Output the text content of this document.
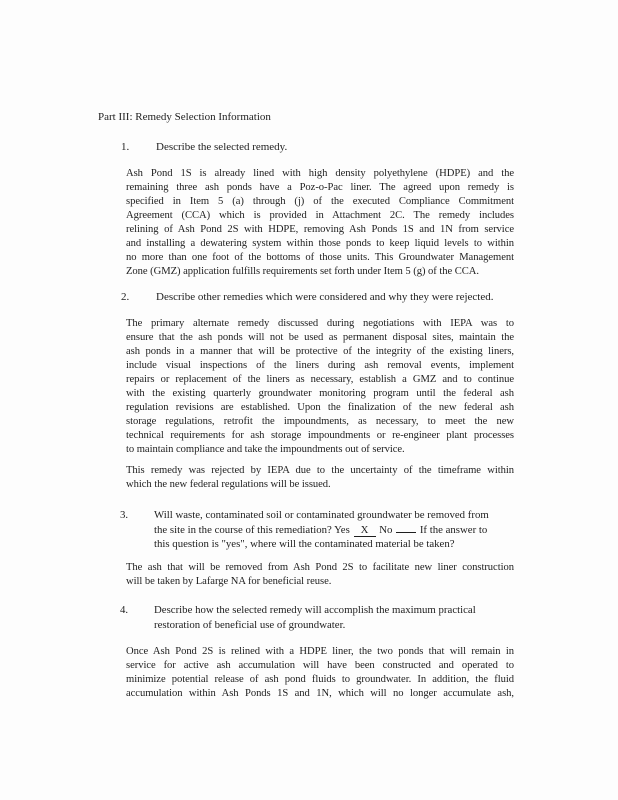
Part III: Remedy Selection Information
1. Describe the selected remedy.
Ash Pond 1S is already lined with high density polyethylene (HDPE) and the
remaining three ash ponds have a Poz-o-Pac liner. The agreed upon remedy is
specified in Item 5 (a) through (j) of the executed Compliance Commitment
Agreement (CCA) which is provided in Attachment 2C. The remedy includes
relining of Ash Pond 2S with HDPE, removing Ash Ponds 1S and 1N from service
and installing a dewatering system within those ponds to keep liquid levels to within
no more than one foot of the bottoms of those units. This Groundwater Management
Zone (GMZ) application fulfills requirements set forth under Item 5 (g) of the CCA.
2. Describe other remedies which were considered and why they were rejected.
The primary alternate remedy discussed during negotiations with IEPA was to
ensure that the ash ponds will not be used as permanent disposal sites, maintain the
ash ponds in a manner that will be protective of the integrity of the existing liners,
include visual inspections of the liners during ash removal events, implement
repairs or replacement of the liners as necessary, establish a GMZ and to continue
with the existing quarterly groundwater monitoring program until the federal ash
regulation revisions are established. Upon the finalization of the new federal ash
storage regulations, retrofit the impoundments, as necessary, to meet the new
technical requirements for ash storage impoundments or re-engineer plant processes
to maintain compliance and take the impoundments out of service.
This remedy was rejected by IEPA due to the uncertainty of the timeframe within
which the new federal regulations will be issued.
3. Will waste, contaminated soil or contaminated groundwater be removed from
the site in the course of this remediation? Yes X No	If the answer to
this question is "yes", where will the contaminated material be taken?
The ash that will be removed from Ash Pond 2S to facilitate new liner construction
will be taken by Lafarge NA for beneficial reuse.
4. Describe how the selected remedy will accomplish the maximum practical
restoration of beneficial use of groundwater.
Once Ash Pond 2S is relined with a HDPE liner, the two ponds that will remain in
service for active ash accumulation will have been constructed and operated to
minimize potential release of ash pond fluids to groundwater. In addition, the fluid
accumulation within Ash Ponds 1S and 1N, which will no longer accumulate ash,
